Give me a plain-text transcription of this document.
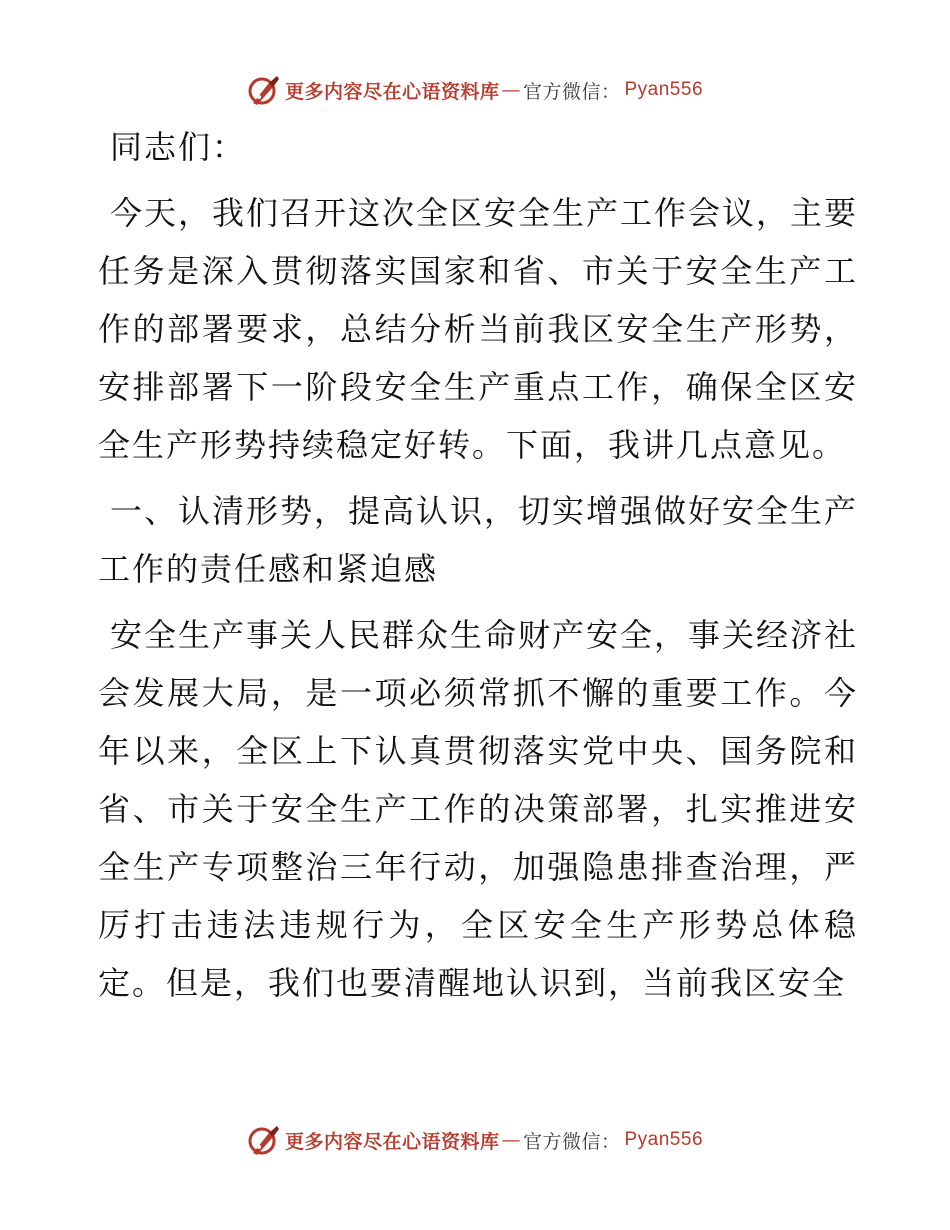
更多内容尽在心语资料库 — 官方微信： Pyan556

同志们：

今天，我们召开这次全区安全生产工作会议，主要任务是深入贯彻落实国家和省、市关于安全生产工作的部署要求，总结分析当前我区安全生产形势，安排部署下一阶段安全生产重点工作，确保全区安全生产形势持续稳定好转。下面，我讲几点意见。

一、认清形势，提高认识，切实增强做好安全生产工作的责任感和紧迫感

安全生产事关人民群众生命财产安全，事关经济社会发展大局，是一项必须常抓不懈的重要工作。今年以来，全区上下认真贯彻落实党中央、国务院和省、市关于安全生产工作的决策部署，扎实推进安全生产专项整治三年行动，加强隐患排查治理，严厉打击违法违规行为，全区安全生产形势总体稳定。但是，我们也要清醒地认识到，当前我区安全

更多内容尽在心语资料库 — 官方微信： Pyan556
